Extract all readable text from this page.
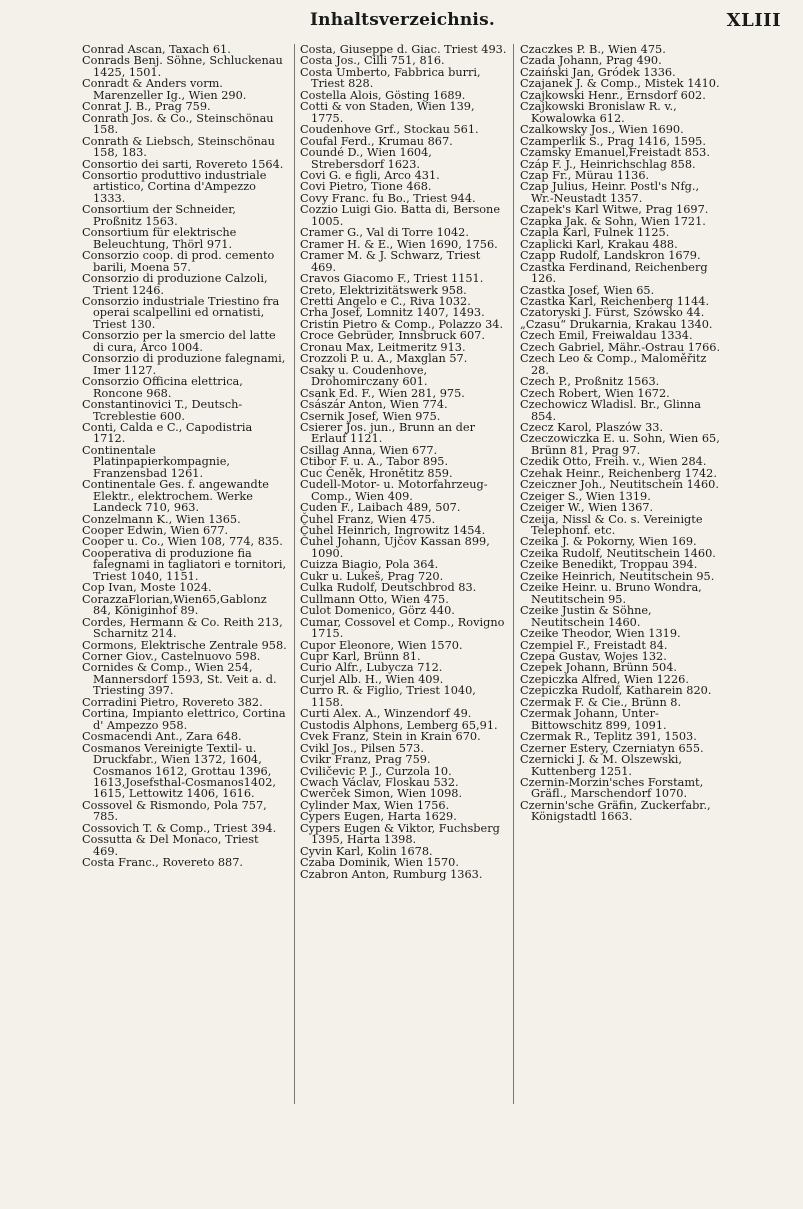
Inhaltsverzeichnis.	XLIII
Conrad Ascan, Taxach 61.
Conrads Benj. Söhne, Schluckenau 1425, 1501.
Conradt & Anders vorm. Marenzeller Ig., Wien 290.
Conrat J. B., Prag 759.
Conrath Jos. & Co., Steinschönau 158.
Conrath & Liebsch, Steinschönau 158, 183.
Consortio dei sarti, Rovereto 1564.
Consortio produttivo industriale artistico, Cortina d'Ampezzo 1333.
Consortium der Schneider, Proßnitz 1563.
Consortium für elektrische Beleuchtung, Thörl 971.
Consorzio coop. di prod. cemento barili, Moena 57.
Consorzio di produzione Calzoli, Trient 1246.
Consorzio industriale Triestino fra operai scalpellini ed ornatisti, Triest 130.
Consorzio per la smercio del latte di cura, Arco 1004.
Consorzio di produzione falegnami, Imer 1127.
Consorzio Officina elettrica, Roncone 968.
Constantinovici T., Deutsch-Tcreblestie 600.
Conti, Calda e C., Capodistria 1712.
Continentale Platinpapierkompagnie, Franzensbad 1261.
Continentale Ges. f. angewandte Elektr., elektrochem. Werke Landeck 710, 963.
Conzelmann K., Wien 1365.
Cooper Edwin, Wien 677.
Cooper u. Co., Wien 108, 774, 835.
Cooperativa di produzione fia falegnami in tagliatori e tornitori, Triest 1040, 1151.
Cop Ivan, Moste 1024.
CorazzaFlorian,Wien65,Gablonz 84, Königinhof 89.
Cordes, Hermann & Co. Reith 213, Scharnitz 214.
Cormons, Elektrische Zentrale 958.
Corner Giov., Castelnuovo 598.
Cornides & Comp., Wien 254, Mannersdorf 1593, St. Veit a. d. Triesting 397.
Corradini Pietro, Rovereto 382.
Cortina, Impianto elettrico, Cortina d' Ampezzo 958.
Cosmacendi Ant., Zara 648.
Cosmanos Vereinigte Textil- u. Druckfabr., Wien 1372, 1604, Cosmanos 1612, Grottau 1396, 1613,Josefsthal-Cosmanos1402, 1615, Lettowitz 1406, 1616.
Cossovel & Rismondo, Pola 757, 785.
Cossovich T. & Comp., Triest 394.
Cossutta & Del Monaco, Triest 469.
Costa Franc., Rovereto 887.
Costa, Giuseppe d. Giac. Triest 493.
Costa Jos., Cilli 751, 816.
Costa Umberto, Fabbrica burri, Triest 828.
Costella Alois, Gösting 1689.
Cotti & von Staden, Wien 139, 1775.
Coudenhove Grf., Stockau 561.
Coufal Ferd., Krumau 867.
Coundé D., Wien 1604, Strebersdorf 1623.
Covi G. e figli, Arco 431.
Covi Pietro, Tione 468.
Covy Franc. fu Bo., Triest 944.
Cozzio Luigi Gio. Batta di, Bersone 1005.
Cramer G., Val di Torre 1042.
Cramer H. & E., Wien 1690, 1756.
Cramer M. & J. Schwarz, Triest 469.
Cravos Giacomo F., Triest 1151.
Creto, Elektrizitätswerk 958.
Cretti Angelo e C., Riva 1032.
Crha Josef, Lomnitz 1407, 1493.
Cristin Pietro & Comp., Polazzo 34.
Croce Gebrüder, Innsbruck 607.
Cronau Max, Leitmeritz 913.
Crozzoli P. u. A., Maxglan 57.
Csaky u. Coudenhove, Drohomirczany 601.
Csank Ed. F., Wien 281, 975.
Császár Anton, Wien 774.
Csernik Josef, Wien 975.
Csierer Jos. jun., Brunn an der Erlauf 1121.
Csillag Anna, Wien 677.
Ctibor F. u. A., Tabor 895.
Cuc Čeněk, Hronětitz 859.
Cudell-Motor- u. Motorfahrzeug-Comp., Wien 409.
Cuden F., Laibach 489, 507.
Čuhel Franz, Wien 475.
Čuhel Heinrich, Ingrowitz 1454.
Čuhel Johann, Ujčov Kassan 899, 1090.
Cuizza Biagio, Pola 364.
Cukr u. Lukeš, Prag 720.
Culka Rudolf, Deutschbrod 83.
Cullmann Otto, Wien 475.
Culot Domenico, Görz 440.
Cumar, Cossovel et Comp., Rovigno 1715.
Cupor Eleonore, Wien 1570.
Cupr Karl, Brünn 81.
Curio Alfr., Lubycza 712.
Curjel Alb. H., Wien 409.
Curro R. & Figlio, Triest 1040, 1158.
Curti Alex. A., Winzendorf 49.
Custodis Alphons, Lemberg 65,91.
Cvek Franz, Stein in Krain 670.
Cvikl Jos., Pilsen 573.
Cvikr Franz, Prag 759.
Cviličevic P. J., Curzola 10.
Cwach Václav, Floskau 532.
Cwerček Simon, Wien 1098.
Cylinder Max, Wien 1756.
Cypers Eugen, Harta 1629.
Cypers Eugen & Viktor, Fuchsberg 1395, Harta 1398.
Cyvin Karl, Kolin 1678.
Czaba Dominik, Wien 1570.
Czabron Anton, Rumburg 1363.
Czaczkes P. B., Wien 475.
Czada Johann, Prag 490.
Czaiński Jan, Gródek 1336.
Czajanek J. & Comp., Mistek 1410.
Czajkowski Henr., Ernsdorf 602.
Czajkowski Bronislaw R. v., Kowalowka 612.
Czalkowsky Jos., Wien 1690.
Czamperlik S., Prag 1416, 1595.
Czamsky Emanuel,Freistadt 853.
Czáp F. J., Heinrichschlag 858.
Czap Fr., Mürau 1136.
Czap Julius, Heinr. Postl's Nfg., Wr.-Neustadt 1357.
Czapek's Karl Witwe, Prag 1697.
Czapka Jak. & Sohn, Wien 1721.
Czapla Karl, Fulnek 1125.
Czaplicki Karl, Krakau 488.
Czapp Rudolf, Landskron 1679.
Czastka Ferdinand, Reichenberg 126.
Czastka Josef, Wien 65.
Czastka Karl, Reichenberg 1144.
Czatoryski J. Fürst, Szówsko 44.
„Czasu“ Drukarnia, Krakau 1340.
Czech Emil, Freiwaldau 1334.
Czech Gabriel, Mähr.-Ostrau 1766.
Czech Leo & Comp., Maloměřitz 28.
Czech P., Proßnitz 1563.
Czech Robert, Wien 1672.
Czechowicz Wladisl. Br., Glinna 854.
Czecz Karol, Plaszów 33.
Czeczowiczka E. u. Sohn, Wien 65, Brünn 81, Prag 97.
Czedik Otto, Freih. v., Wien 284.
Czehak Heinr., Reichenberg 1742.
Czeiczner Joh., Neutitschein 1460.
Czeiger S., Wien 1319.
Czeiger W., Wien 1367.
Czeija, Nissl & Co. s. Vereinigte Telephonf. etc.
Czeika J. & Pokorny, Wien 169.
Czeika Rudolf, Neutitschein 1460.
Czeike Benedikt, Troppau 394.
Czeike Heinrich, Neutitschein 95.
Czeike Heinr. u. Bruno Wondra, Neutitschein 95.
Czeike Justin & Söhne, Neutitschein 1460.
Czeike Theodor, Wien 1319.
Czempiel F., Freistadt 84.
Czepa Gustav, Wojes 132.
Czepek Johann, Brünn 504.
Czepiczka Alfred, Wien 1226.
Czepiczka Rudolf, Katharein 820.
Czermak F. & Cie., Brünn 8.
Czermak Johann, Unter-Bittowschitz 899, 1091.
Czermak R., Teplitz 391, 1503.
Czerner Estery, Czerniatyn 655.
Czernicki J. & M. Olszewski, Kuttenberg 1251.
Czernin-Morzin'sches Forstamt, Gräfl., Marschendorf 1070.
Czernin'sche Gräfin, Zuckerfabr., Königstadtl 1663.
